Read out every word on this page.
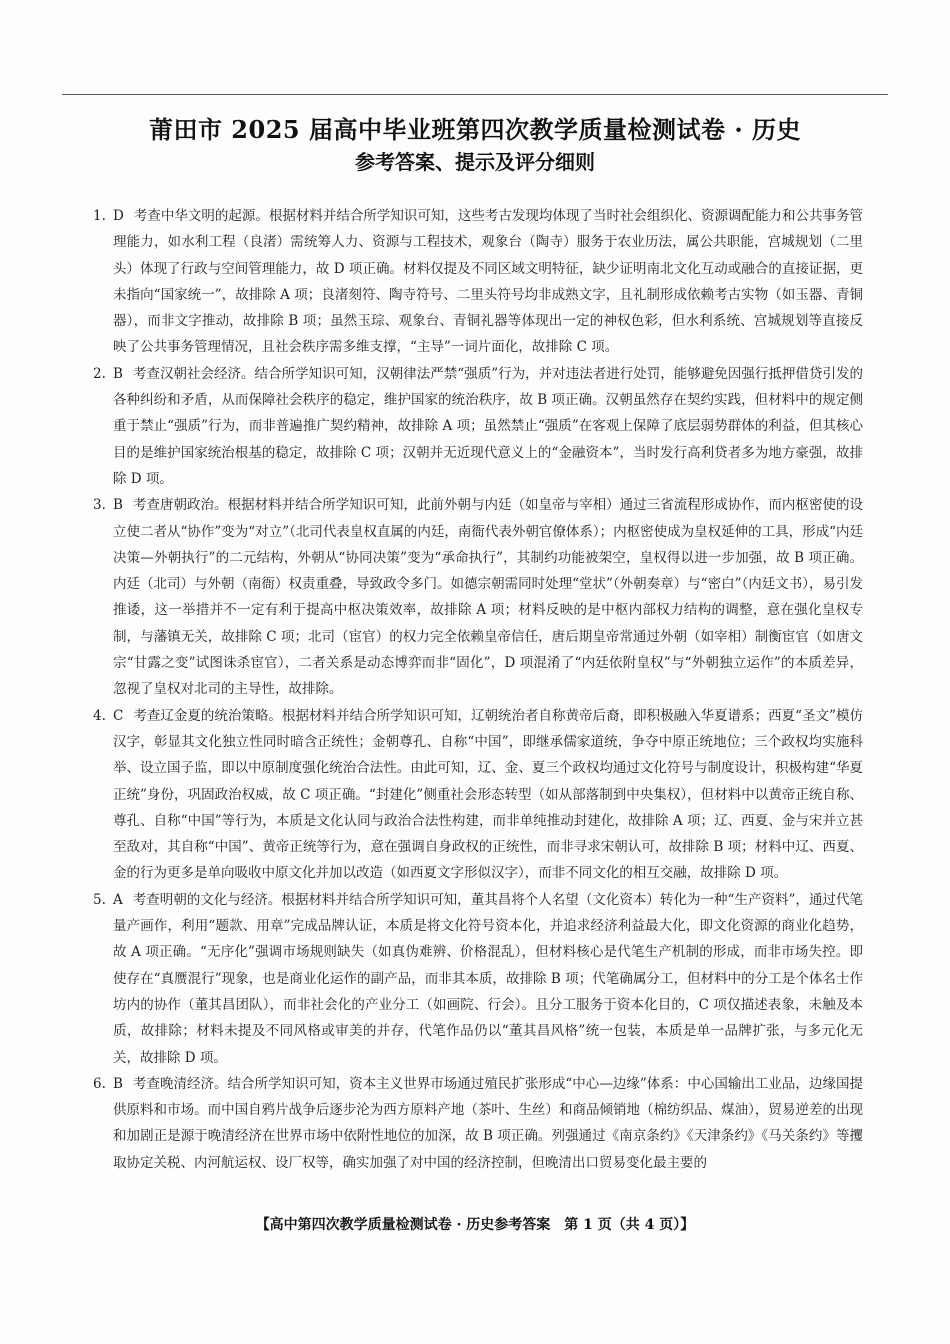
莆田市 2025 届高中毕业班第四次教学质量检测试卷 · 历史
参考答案、提示及评分细则
1. D 考查中华文明的起源。根据材料并结合所学知识可知，这些考古发现均体现了当时社会组织化、资源调配能力和公共事务管理能力，如水利工程（良渚）需统筹人力、资源与工程技术，观象台（陶寺）服务于农业历法，属公共职能，宫城规划（二里头）体现了行政与空间管理能力，故 D 项正确。材料仅提及不同区域文明特征，缺少证明南北文化互动或融合的直接证据，更未指向“国家统一”，故排除 A 项；良渚刻符、陶寺符号、二里头符号均非成熟文字，且礼制形成依赖考古实物（如玉器、青铜器），而非文字推动，故排除 B 项；虽然玉琮、观象台、青铜礼器等体现出一定的神权色彩，但水利系统、宫城规划等直接反映了公共事务管理情况，且社会秩序需多维支撑，“主导”一词片面化，故排除 C 项。
2. B 考查汉朝社会经济。结合所学知识可知，汉朝律法严禁“强质”行为，并对违法者进行处罚，能够避免因强行抵押借贷引发的各种纠纷和矛盾，从而保障社会秩序的稳定，维护国家的统治秩序，故 B 项正确。汉朝虽然存在契约实践，但材料中的规定侧重于禁止“强质”行为，而非普遍推广契约精神，故排除 A 项；虽然禁止“强质”在客观上保障了底层弱势群体的利益，但其核心目的是维护国家统治根基的稳定，故排除 C 项；汉朝并无近现代意义上的“金融资本”，当时发行高利贷者多为地方豪强，故排除 D 项。
3. B 考查唐朝政治。根据材料并结合所学知识可知，此前外朝与内廷（如皇帝与宰相）通过三省流程形成协作，而内枢密使的设立使二者从“协作”变为“对立”（北司代表皇权直属的内廷，南衙代表外朝官僚体系）；内枢密使成为皇权延伸的工具，形成“内廷决策—外朝执行”的二元结构，外朝从“协同决策”变为“承命执行”，其制约功能被架空，皇权得以进一步加强，故 B 项正确。内廷（北司）与外朝（南衙）权责重叠，导致政令多门。如德宗朝需同时处理“堂状”（外朝奏章）与“密白”（内廷文书），易引发推诿，这一举措并不一定有利于提高中枢决策效率，故排除 A 项；材料反映的是中枢内部权力结构的调整，意在强化皇权专制，与藩镇无关，故排除 C 项；北司（宦官）的权力完全依赖皇帝信任，唐后期皇帝常通过外朝（如宰相）制衡宦官（如唐文宗“甘露之变”试图诛杀宦官），二者关系是动态博弈而非“固化”，D 项混淆了“内廷依附皇权”与“外朝独立运作”的本质差异，忽视了皇权对北司的主导性，故排除。
4. C 考查辽金夏的统治策略。根据材料并结合所学知识可知，辽朝统治者自称黄帝后裔，即积极融入华夏谱系；西夏“圣文”模仿汉字，彰显其文化独立性同时暗含正统性；金朝尊孔、自称“中国”，即继承儒家道统，争夺中原正统地位；三个政权均实施科举、设立国子监，即以中原制度强化统治合法性。由此可知，辽、金、夏三个政权均通过文化符号与制度设计，积极构建“华夏正统”身份，巩固政治权威，故 C 项正确。“封建化”侧重社会形态转型（如从部落制到中央集权），但材料中以黄帝正统自称、尊孔、自称“中国”等行为，本质是文化认同与政治合法性构建，而非单纯推动封建化，故排除 A 项；辽、西夏、金与宋并立甚至敌对，其自称“中国”、黄帝正统等行为，意在强调自身政权的正统性，而非寻求宋朝认可，故排除 B 项；材料中辽、西夏、金的行为更多是单向吸收中原文化并加以改造（如西夏文字形似汉字），而非不同文化的相互交融，故排除 D 项。
5. A 考查明朝的文化与经济。根据材料并结合所学知识可知，董其昌将个人名望（文化资本）转化为一种“生产资料”，通过代笔量产画作，利用“题款、用章”完成品牌认证，本质是将文化符号资本化，并追求经济利益最大化，即文化资源的商业化趋势，故 A 项正确。“无序化”强调市场规则缺失（如真伪难辨、价格混乱），但材料核心是代笔生产机制的形成，而非市场失控。即使存在“真赝混行”现象，也是商业化运作的副产品，而非其本质，故排除 B 项；代笔确属分工，但材料中的分工是个体名士作坊内的协作（董其昌团队），而非社会化的产业分工（如画院、行会）。且分工服务于资本化目的，C 项仅描述表象，未触及本质，故排除；材料未提及不同风格或审美的并存，代笔作品仍以“董其昌风格”统一包装，本质是单一品牌扩张，与多元化无关，故排除 D 项。
6. B 考查晚清经济。结合所学知识可知，资本主义世界市场通过殖民扩张形成“中心—边缘”体系：中心国输出工业品，边缘国提供原料和市场。而中国自鸦片战争后逐步沦为西方原料产地（茶叶、生丝）和商品倾销地（棉纺织品、煤油），贸易逆差的出现和加剧正是源于晚清经济在世界市场中依附性地位的加深，故 B 项正确。列强通过《南京条约》《天津条约》《马关条约》等攫取协定关税、内河航运权、设厂权等，确实加强了对中国的经济控制，但晚清出口贸易变化最主要的
【高中第四次教学质量检测试卷 · 历史参考答案　第 1 页（共 4 页）】
